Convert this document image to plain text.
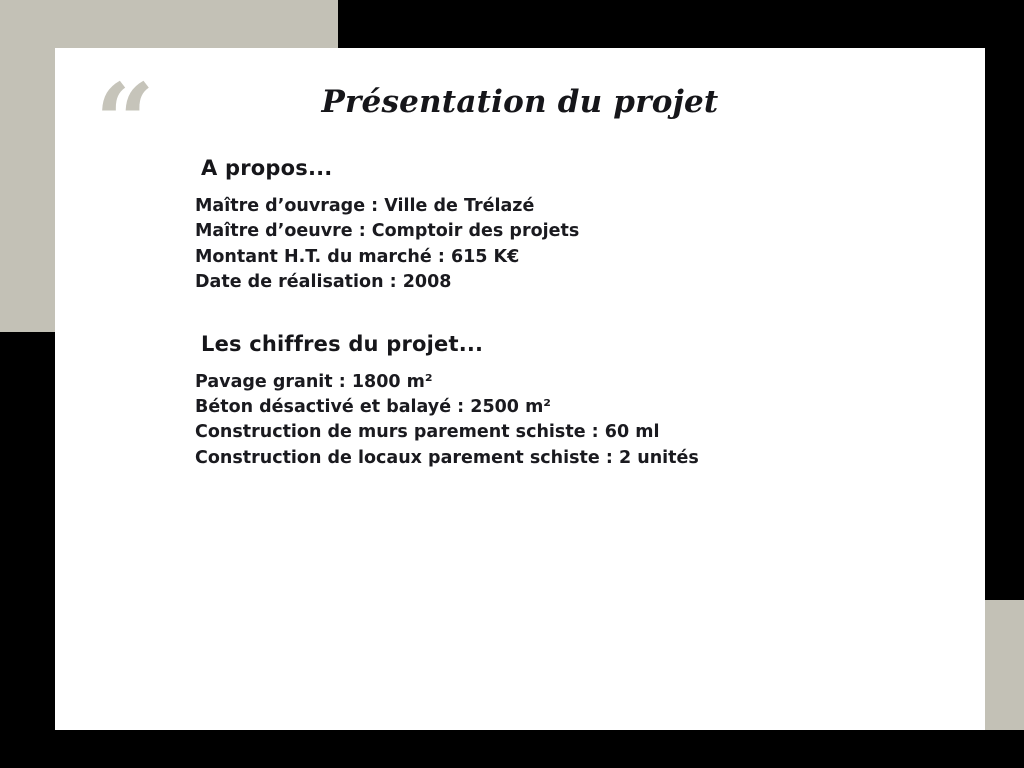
“	Présentation du projet
A propos...
Maître d’ouvrage : Ville de Trélazé
Maître d’oeuvre : Comptoir des projets
Montant H.T. du marché : 615 K€
Date de réalisation : 2008
Les chiffres du projet...
Pavage granit : 1800 m²
Béton désactivé et balayé : 2500 m²
Construction de murs parement schiste : 60 ml
Construction de locaux parement schiste : 2 unités
